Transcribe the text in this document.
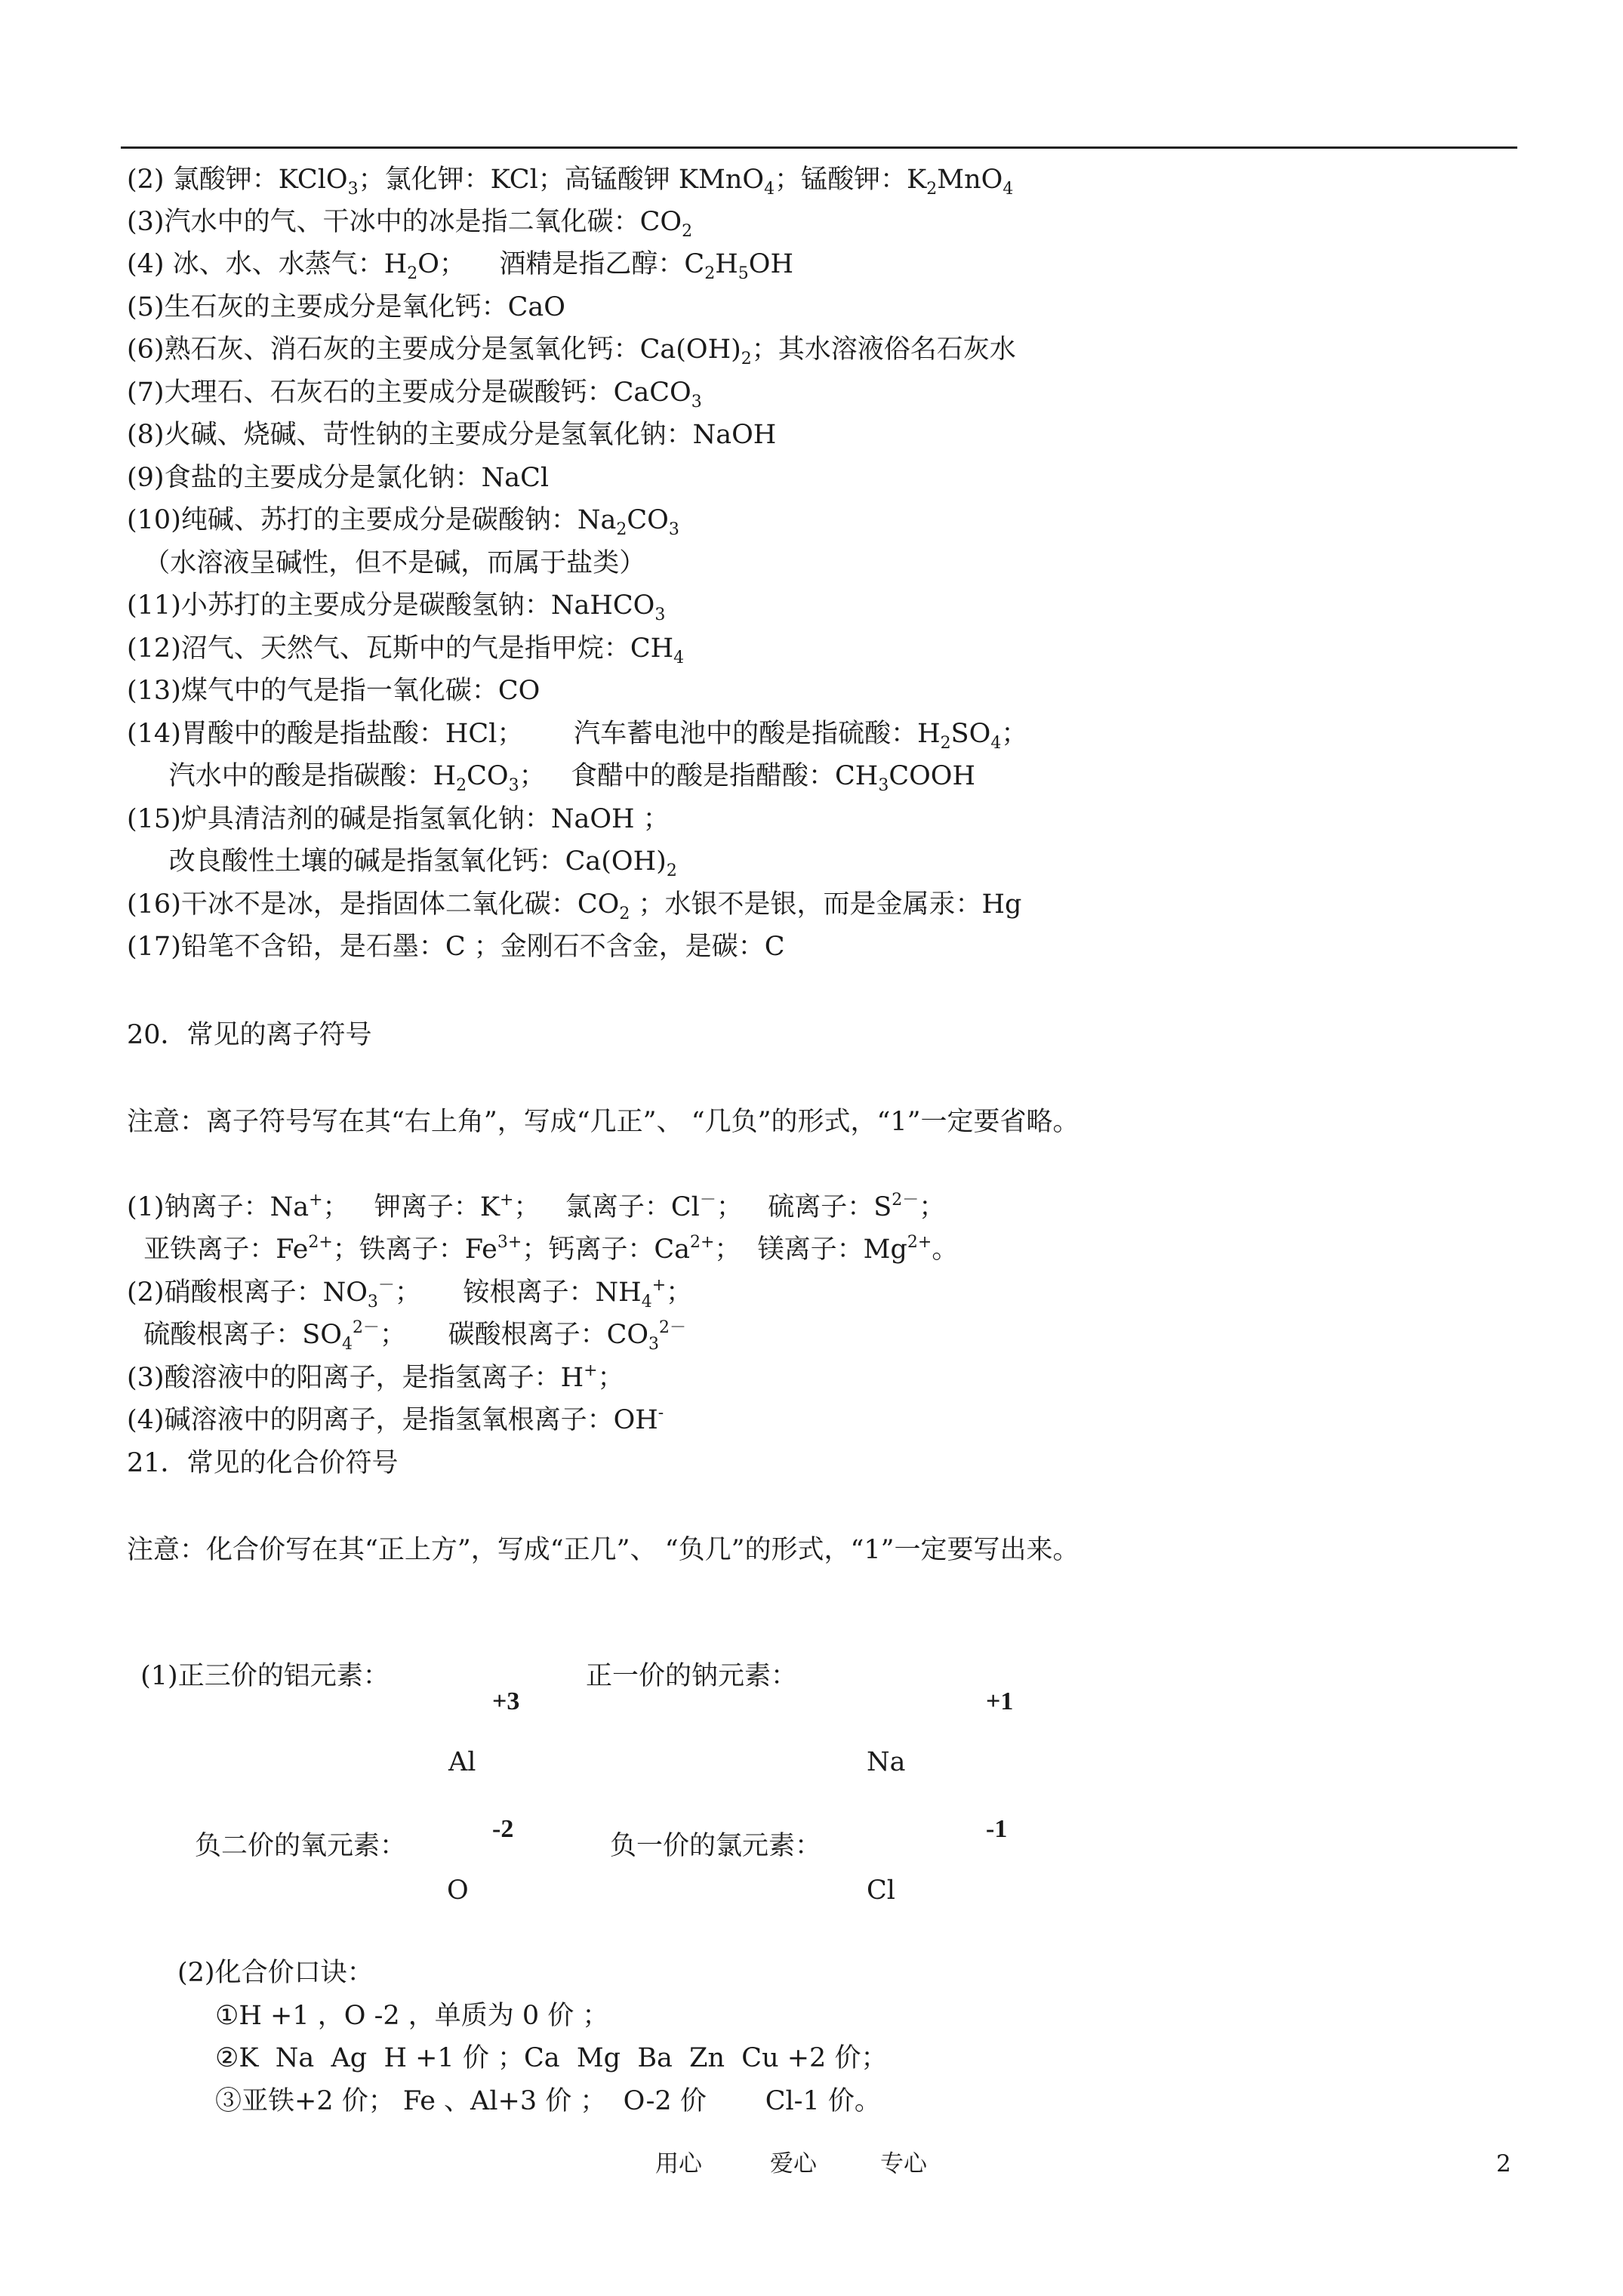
(2) 氯酸钾：KClO$_3$；氯化钾：KCl；高锰酸钾 KMnO$_4$；锰酸钾：$K_2MnO_4$
(3)汽水中的气、干冰中的冰是指二氧化碳：$CO_2$
(4) 冰、水、水蒸气：$H_2O$；    酒精是指乙醇：$C_2H_5OH$
(5)生石灰的主要成分是氧化钙：CaO
(6)熟石灰、消石灰的主要成分是氢氧化钙：$Ca(OH)_2$；其水溶液俗名石灰水
(7)大理石、石灰石的主要成分是碳酸钙：CaCO$_3$
(8)火碱、烧碱、苛性钠的主要成分是氢氧化钠：NaOH
(9)食盐的主要成分是氯化钠：NaCl
(10)纯碱、苏打的主要成分是碳酸钠：$Na_2CO_3$
（水溶液呈碱性，但不是碱，而属于盐类）
(11)小苏打的主要成分是碳酸氢钠：NaHCO$_3$
(12)沼气、天然气、瓦斯中的气是指甲烷：$CH_4$
(13)煤气中的气是指一氧化碳：CO
(14)胃酸中的酸是指盐酸：HCl；      汽车蓄电池中的酸是指硫酸：$H_2SO_4$；
汽水中的酸是指碳酸：$H_2CO_3$；   食醋中的酸是指醋酸：$CH_3COOH$
(15)炉具清洁剂的碱是指氢氧化钠：NaOH ；
改良酸性土壤的碱是指氢氧化钙：$Ca(OH)_2$
(16)干冰不是冰，是指固体二氧化碳：$CO_2$ ；水银不是银，而是金属汞：Hg
(17)铅笔不含铅，是石墨：C ；金刚石不含金，是碳：C
20．常见的离子符号
注意：离子符号写在其“右上角”，写成“几正”、 “几负”的形式，“1”一定要省略。
(1)钠离子：Na+；   钾离子：K+；   氯离子：Cl－；   硫离子：$S^{2-}$；
亚铁离子：$Fe^{2+}$；铁离子：$Fe^{3+}$；钙离子：$Ca^{2+}$；  镁离子：$Mg^{2+}$。
(2)硝酸根离子：$NO_3^-$；     铵根离子：$NH_4^+$；
硫酸根离子：$SO_4^{2-}$；     碳酸根离子：$CO_3^{2-}$
(3)酸溶液中的阳离子，是指氢离子：H+；
(4)碱溶液中的阴离子，是指氢氧根离子：OH-
21．常见的化合价符号
注意：化合价写在其“正上方”，写成“正几”、 “负几”的形式，“1”一定要写出来。
(1)正三价的铝元素：
+3
Al
正一价的钠元素：
+1
Na
负二价的氧元素：
-2
O
负一价的氯元素：
-1
Cl
(2)化合价口诀：
①H +1 ，O -2 ，单质为 0 价 ；
②K  Na  Ag  H +1 价 ；Ca  Mg  Ba  Zn  Cu +2 价；
③亚铁+2 价； Fe 、Al+3 价 ；  O-2 价       Cl-1 价。
用心	爱心	专心	2
